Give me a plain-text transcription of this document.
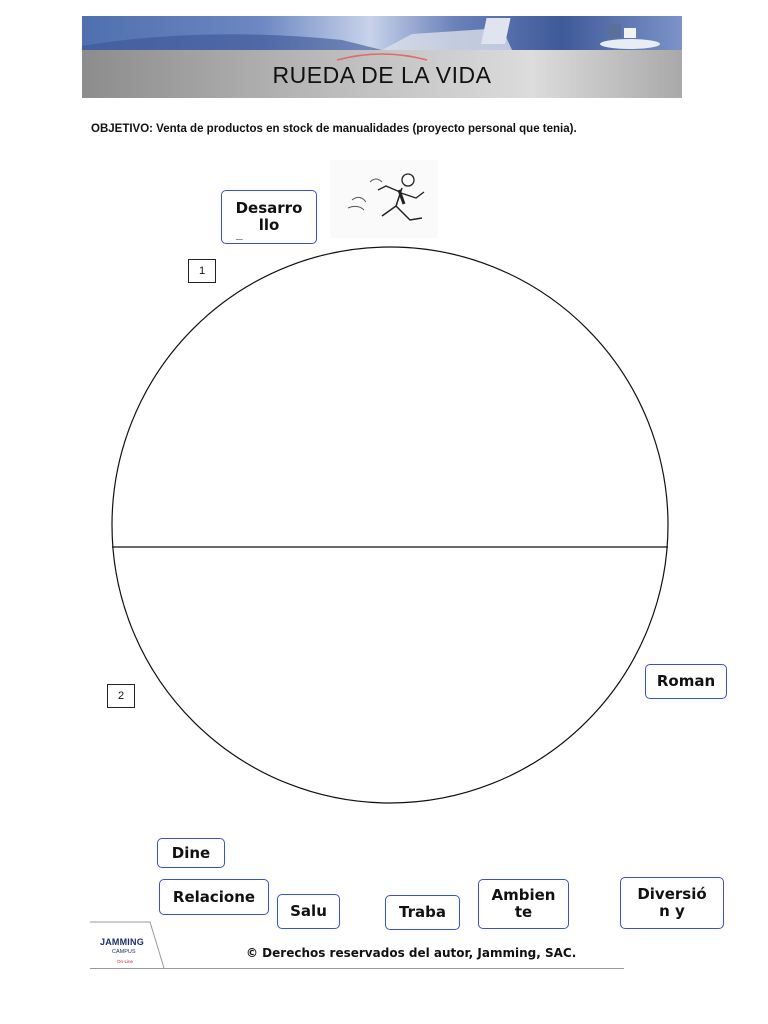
RUEDA DE LA VIDA
OBJETIVO: Venta de productos en stock de manualidades (proyecto personal que tenia).
1
2
Desarro
llo
_
Roman
Dine
Relacione
Salu	Traba
Ambien
te
Diversió
n y
JAMMING
CAMPUS
On-Line
© Derechos reservados del autor, Jamming, SAC.
